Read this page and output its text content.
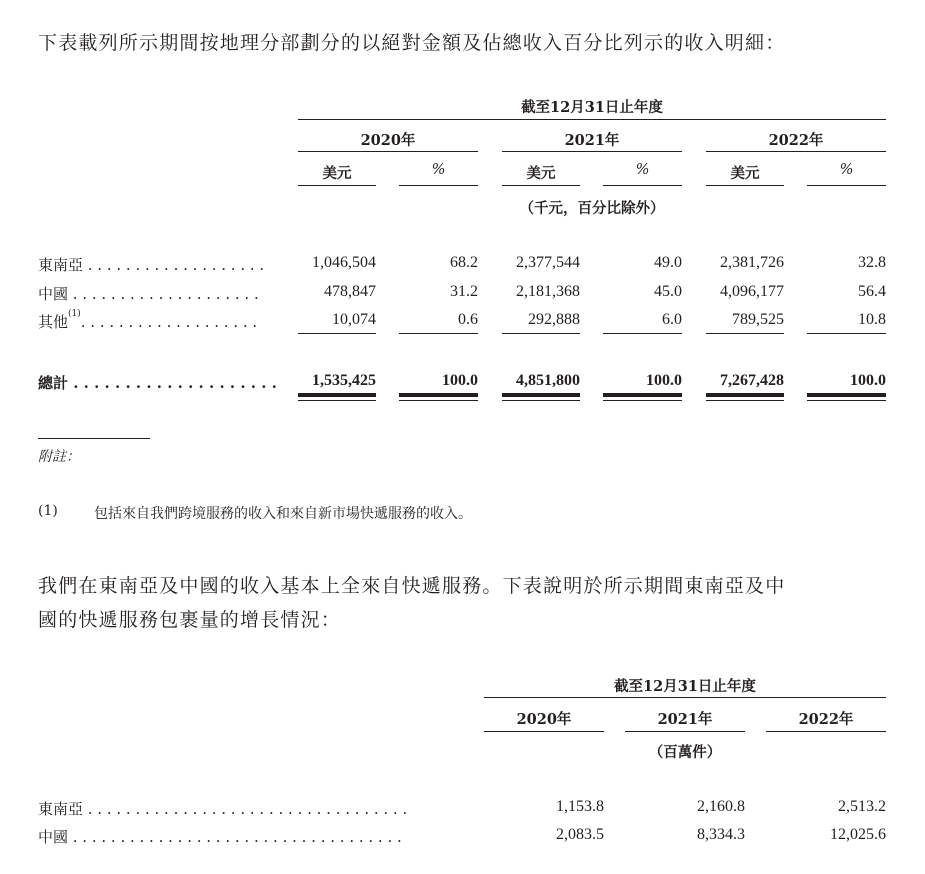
下表載列所示期間按地理分部劃分的以絕對金額及佔總收入百分比列示的收入明細：
截至12月31日止年度
2020年	2021年	2022年
美元	%	美元	%	美元	%
（千元，百分比除外）
東南亞 . . . . . . . . . . . . . . . . . . .	1,046,504	68.2	2,377,544	49.0	2,381,726	32.8
中國 . . . . . . . . . . . . . . . . . . . .	478,847	31.2	2,181,368	45.0	4,096,177	56.4
其他$^{(1)}$. . . . . . . . . . . . . . . . . . .	10,074	0.6	292,888	6.0	789,525	10.8
總計 . . . . . . . . . . . . . . . . . . . .	1,535,425	100.0	4,851,800	100.0	7,267,428	100.0
附註：
(1)	包括來自我們跨境服務的收入和來自新市場快遞服務的收入。
我們在東南亞及中國的收入基本上全來自快遞服務。下表說明於所示期間東南亞及中
國的快遞服務包裹量的增長情況：
截至12月31日止年度
2020年	2021年	2022年
（百萬件）
東南亞 . . . . . . . . . . . . . . . . . . . . . . . . . . . . . . . . . .	1,153.8	2,160.8	2,513.2
中國 . . . . . . . . . . . . . . . . . . . . . . . . . . . . . . . . . . .	2,083.5	8,334.3	12,025.6
